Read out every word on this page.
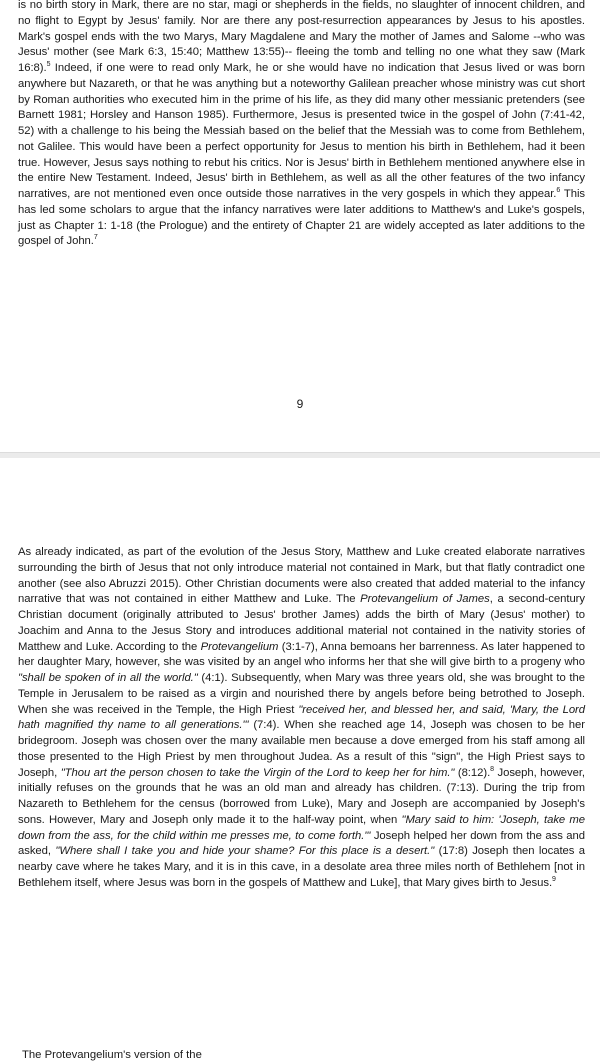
is no birth story in Mark, there are no star, magi or shepherds in the fields, no slaughter of innocent children, and no flight to Egypt by Jesus' family. Nor are there any post-resurrection appearances by Jesus to his apostles. Mark's gospel ends with the two Marys, Mary Magdalene and Mary the mother of James and Salome --who was Jesus' mother (see Mark 6:3, 15:40; Matthew 13:55)-- fleeing the tomb and telling no one what they saw (Mark 16:8).$^5$ Indeed, if one were to read only Mark, he or she would have no indication that Jesus lived or was born anywhere but Nazareth, or that he was anything but a noteworthy Galilean preacher whose ministry was cut short by Roman authorities who executed him in the prime of his life, as they did many other messianic pretenders (see Barnett 1981; Horsley and Hanson 1985). Furthermore, Jesus is presented twice in the gospel of John (7:41-42, 52) with a challenge to his being the Messiah based on the belief that the Messiah was to come from Bethlehem, not Galilee. This would have been a perfect opportunity for Jesus to mention his birth in Bethlehem, had it been true. However, Jesus says nothing to rebut his critics. Nor is Jesus' birth in Bethlehem mentioned anywhere else in the entire New Testament. Indeed, Jesus' birth in Bethlehem, as well as all the other features of the two infancy narratives, are not mentioned even once outside those narratives in the very gospels in which they appear.$^6$ This has led some scholars to argue that the infancy narratives were later additions to Matthew's and Luke's gospels, just as Chapter 1: 1-18 (the Prologue) and the entirety of Chapter 21 are widely accepted as later additions to the gospel of John.$^7$

9

As already indicated, as part of the evolution of the Jesus Story, Matthew and Luke created elaborate narratives surrounding the birth of Jesus that not only introduce material not contained in Mark, but that flatly contradict one another (see also Abruzzi 2015). Other Christian documents were also created that added material to the infancy narrative that was not contained in either Matthew and Luke. The Protevangelium of James, a second-century Christian document (originally attributed to Jesus' brother James) adds the birth of Mary (Jesus' mother) to Joachim and Anna to the Jesus Story and introduces additional material not contained in the nativity stories of Matthew and Luke. According to the Protevangelium (3:1-7), Anna bemoans her barrenness. As later happened to her daughter Mary, however, she was visited by an angel who informs her that she will give birth to a progeny who "shall be spoken of in all the world." (4:1). Subsequently, when Mary was three years old, she was brought to the Temple in Jerusalem to be raised as a virgin and nourished there by angels before being betrothed to Joseph. When she was received in the Temple, the High Priest "received her, and blessed her, and said, 'Mary, the Lord hath magnified thy name to all generations.'" (7:4). When she reached age 14, Joseph was chosen to be her bridegroom. Joseph was chosen over the many available men because a dove emerged from his staff among all those presented to the High Priest by men throughout Judea. As a result of this "sign", the High Priest says to Joseph, "Thou art the person chosen to take the Virgin of the Lord to keep her for him." (8:12).$^8$ Joseph, however, initially refuses on the grounds that he was an old man and already has children. (7:13). During the trip from Nazareth to Bethlehem for the census (borrowed from Luke), Mary and Joseph are accompanied by Joseph's sons. However, Mary and Joseph only made it to the half-way point, when "Mary said to him: 'Joseph, take me down from the ass, for the child within me presses me, to come forth.'" Joseph helped her down from the ass and asked, "Where shall I take you and hide your shame? For this place is a desert." (17:8) Joseph then locates a nearby cave where he takes Mary, and it is in this cave, in a desolate area three miles north of Bethlehem [not in Bethlehem itself, where Jesus was born in the gospels of Matthew and Luke], that Mary gives birth to Jesus.$^9$

The Protevangelium's version of the
